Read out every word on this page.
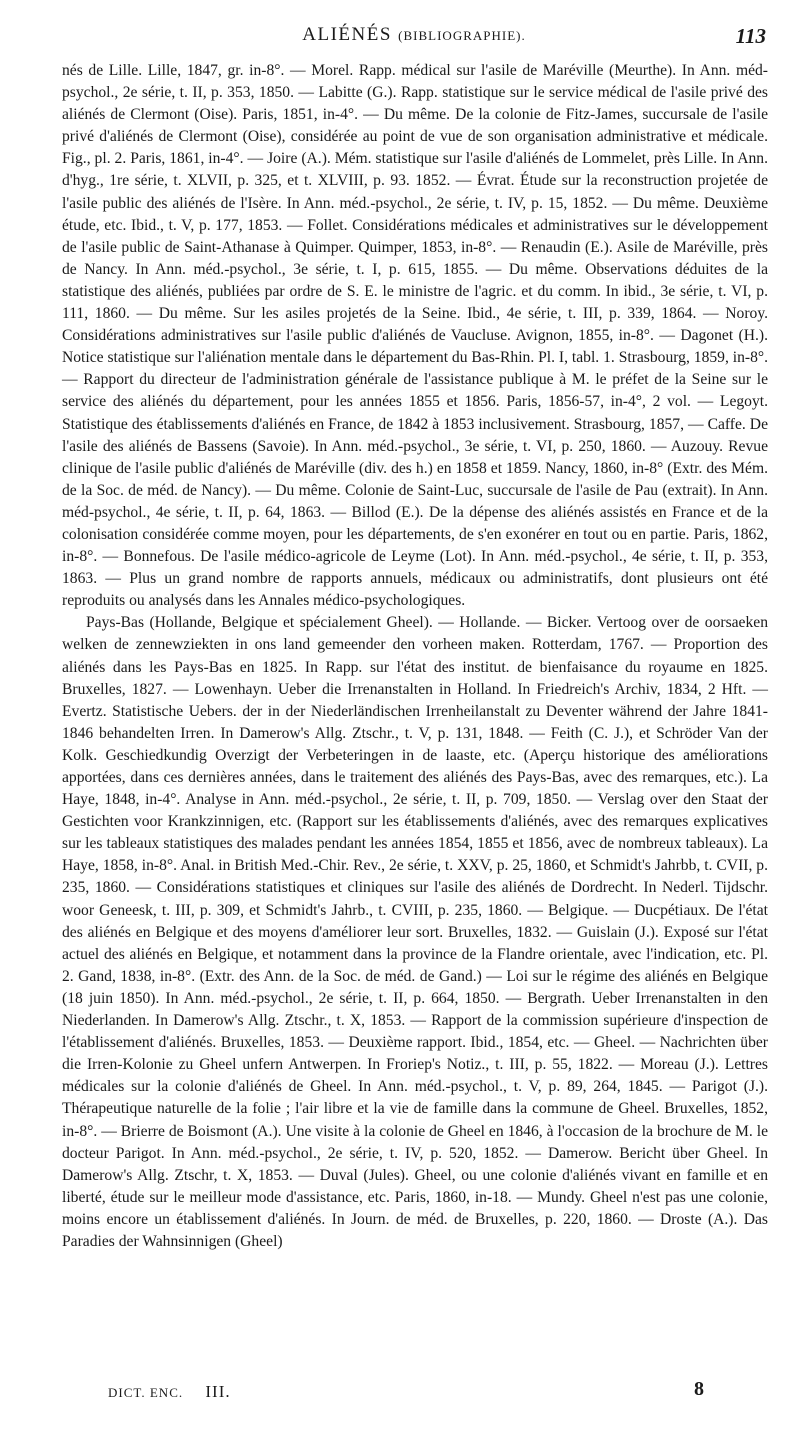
ALIÉNÉS (BIBLIOGRAPHIE).	113

nés de Lille. Lille, 1847, gr. in-8°. — Morel. Rapp. médical sur l'asile de Maréville (Meurthe). In Ann. méd-psychol., 2e série, t. II, p. 353, 1850. — Labitte (G.). Rapp. statistique sur le service médical de l'asile privé des aliénés de Clermont (Oise). Paris, 1851, in-4°. — Du même. De la colonie de Fitz-James, succursale de l'asile privé d'aliénés de Clermont (Oise), considérée au point de vue de son organisation administrative et médicale. Fig., pl. 2. Paris, 1861, in-4°. — Joire (A.). Mém. statistique sur l'asile d'aliénés de Lommelet, près Lille. In Ann. d'hyg., 1re série, t. XLVII, p. 325, et t. XLVIII, p. 93. 1852. — Évrat. Étude sur la reconstruction projetée de l'asile public des aliénés de l'Isère. In Ann. méd.-psychol., 2e série, t. IV, p. 15, 1852. — Du même. Deuxième étude, etc. Ibid., t. V, p. 177, 1853. — Follet. Considérations médicales et administratives sur le développement de l'asile public de Saint-Athanase à Quimper. Quimper, 1853, in-8°. — Renaudin (E.). Asile de Maréville, près de Nancy. In Ann. méd.-psychol., 3e série, t. I, p. 615, 1855. — Du même. Observations déduites de la statistique des aliénés, publiées par ordre de S. E. le ministre de l'agric. et du comm. In ibid., 3e série, t. VI, p. 111, 1860. — Du même. Sur les asiles projetés de la Seine. Ibid., 4e série, t. III, p. 339, 1864. — Noroy. Considérations administratives sur l'asile public d'aliénés de Vaucluse. Avignon, 1855, in-8°. — Dagonet (H.). Notice statistique sur l'aliénation mentale dans le département du Bas-Rhin. Pl. I, tabl. 1. Strasbourg, 1859, in-8°. — Rapport du directeur de l'administration générale de l'assistance publique à M. le préfet de la Seine sur le service des aliénés du département, pour les années 1855 et 1856. Paris, 1856-57, in-4°, 2 vol. — Legoyt. Statistique des établissements d'aliénés en France, de 1842 à 1853 inclusivement. Strasbourg, 1857, — Caffe. De l'asile des aliénés de Bassens (Savoie). In Ann. méd.-psychol., 3e série, t. VI, p. 250, 1860. — Auzouy. Revue clinique de l'asile public d'aliénés de Maréville (div. des h.) en 1858 et 1859. Nancy, 1860, in-8° (Extr. des Mém. de la Soc. de méd. de Nancy). — Du même. Colonie de Saint-Luc, succursale de l'asile de Pau (extrait). In Ann. méd-psychol., 4e série, t. II, p. 64, 1863. — Billod (E.). De la dépense des aliénés assistés en France et de la colonisation considérée comme moyen, pour les départements, de s'en exonérer en tout ou en partie. Paris, 1862, in-8°. — Bonnefous. De l'asile médico-agricole de Leyme (Lot). In Ann. méd.-psychol., 4e série, t. II, p. 353, 1863. — Plus un grand nombre de rapports annuels, médicaux ou administratifs, dont plusieurs ont été reproduits ou analysés dans les Annales médico-psychologiques.

Pays-Bas (Hollande, Belgique et spécialement Gheel). — Hollande. — Bicker. Vertoog over de oorsaeken welken de zennewziekten in ons land gemeender den vorheen maken. Rotterdam, 1767. — Proportion des aliénés dans les Pays-Bas en 1825. In Rapp. sur l'état des institut. de bienfaisance du royaume en 1825. Bruxelles, 1827. — Lowenhayn. Ueber die Irrenanstalten in Holland. In Friedreich's Archiv, 1834, 2 Hft. — Evertz. Statistische Uebers. der in der Niederländischen Irrenheilanstalt zu Deventer während der Jahre 1841-1846 behandelten Irren. In Damerow's Allg. Ztschr., t. V, p. 131, 1848. — Feith (C. J.), et Schröder Van der Kolk. Geschiedkundig Overzigt der Verbeteringen in de laaste, etc. (Aperçu historique des améliorations apportées, dans ces dernières années, dans le traitement des aliénés des Pays-Bas, avec des remarques, etc.). La Haye, 1848, in-4°. Analyse in Ann. méd.-psychol., 2e série, t. II, p. 709, 1850. — Verslag over den Staat der Gestichten voor Krankzinnigen, etc. (Rapport sur les établissements d'aliénés, avec des remarques explicatives sur les tableaux statistiques des malades pendant les années 1854, 1855 et 1856, avec de nombreux tableaux). La Haye, 1858, in-8°. Anal. in British Med.-Chir. Rev., 2e série, t. XXV, p. 25, 1860, et Schmidt's Jahrbb, t. CVII, p. 235, 1860. — Considérations statistiques et cliniques sur l'asile des aliénés de Dordrecht. In Nederl. Tijdschr. woor Geneesk, t. III, p. 309, et Schmidt's Jahrb., t. CVIII, p. 235, 1860. — Belgique. — Ducpétiaux. De l'état des aliénés en Belgique et des moyens d'améliorer leur sort. Bruxelles, 1832. — Guislain (J.). Exposé sur l'état actuel des aliénés en Belgique, et notamment dans la province de la Flandre orientale, avec l'indication, etc. Pl. 2. Gand, 1838, in-8°. (Extr. des Ann. de la Soc. de méd. de Gand.) — Loi sur le régime des aliénés en Belgique (18 juin 1850). In Ann. méd.-psychol., 2e série, t. II, p. 664, 1850. — Bergrath. Ueber Irrenanstalten in den Niederlanden. In Damerow's Allg. Ztschr., t. X, 1853. — Rapport de la commission supérieure d'inspection de l'établissement d'aliénés. Bruxelles, 1853. — Deuxième rapport. Ibid., 1854, etc. — Gheel. — Nachrichten über die Irren-Kolonie zu Gheel unfern Antwerpen. In Froriep's Notiz., t. III, p. 55, 1822. — Moreau (J.). Lettres médicales sur la colonie d'aliénés de Gheel. In Ann. méd.-psychol., t. V, p. 89, 264, 1845. — Parigot (J.). Thérapeutique naturelle de la folie ; l'air libre et la vie de famille dans la commune de Gheel. Bruxelles, 1852, in-8°. — Brierre de Boismont (A.). Une visite à la colonie de Gheel en 1846, à l'occasion de la brochure de M. le docteur Parigot. In Ann. méd.-psychol., 2e série, t. IV, p. 520, 1852. — Damerow. Bericht über Gheel. In Damerow's Allg. Ztschr, t. X, 1853. — Duval (Jules). Gheel, ou une colonie d'aliénés vivant en famille et en liberté, étude sur le meilleur mode d'assistance, etc. Paris, 1860, in-18. — Mundy. Gheel n'est pas une colonie, moins encore un établissement d'aliénés. In Journ. de méd. de Bruxelles, p. 220, 1860. — Droste (A.). Das Paradies der Wahnsinnigen (Gheel)

DICT. ENC. III.	8
